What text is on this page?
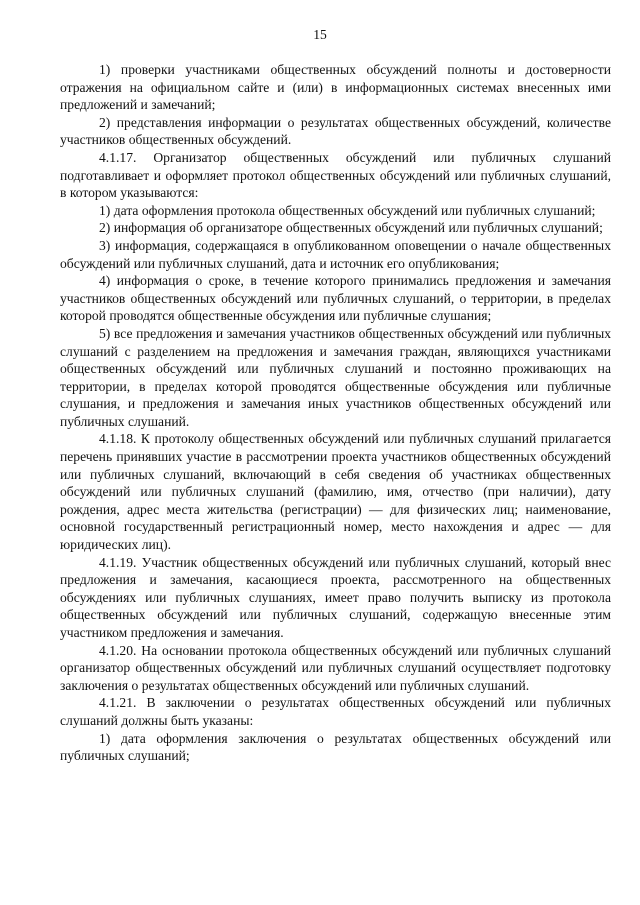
15

1) проверки участниками общественных обсуждений полноты и достоверности отражения на официальном сайте и (или) в информационных системах внесенных ими предложений и замечаний;

2) представления информации о результатах общественных обсуждений, количестве участников общественных обсуждений.

4.1.17. Организатор общественных обсуждений или публичных слушаний подготавливает и оформляет протокол общественных обсуждений или публичных слушаний, в котором указываются:

1) дата оформления протокола общественных обсуждений или публичных слушаний;

2) информация об организаторе общественных обсуждений или публичных слушаний;

3) информация, содержащаяся в опубликованном оповещении о начале общественных обсуждений или публичных слушаний, дата и источник его опубликования;

4) информация о сроке, в течение которого принимались предложения и замечания участников общественных обсуждений или публичных слушаний, о территории, в пределах которой проводятся общественные обсуждения или публичные слушания;

5) все предложения и замечания участников общественных обсуждений или публичных слушаний с разделением на предложения и замечания граждан, являющихся участниками общественных обсуждений или публичных слушаний и постоянно проживающих на территории, в пределах которой проводятся общественные обсуждения или публичные слушания, и предложения и замечания иных участников общественных обсуждений или публичных слушаний.

4.1.18. К протоколу общественных обсуждений или публичных слушаний прилагается перечень принявших участие в рассмотрении проекта участников общественных обсуждений или публичных слушаний, включающий в себя сведения об участниках общественных обсуждений или публичных слушаний (фамилию, имя, отчество (при наличии), дату рождения, адрес места жительства (регистрации) — для физических лиц; наименование, основной государственный регистрационный номер, место нахождения и адрес — для юридических лиц).

4.1.19. Участник общественных обсуждений или публичных слушаний, который внес предложения и замечания, касающиеся проекта, рассмотренного на общественных обсуждениях или публичных слушаниях, имеет право получить выписку из протокола общественных обсуждений или публичных слушаний, содержащую внесенные этим участником предложения и замечания.

4.1.20. На основании протокола общественных обсуждений или публичных слушаний организатор общественных обсуждений или публичных слушаний осуществляет подготовку заключения о результатах общественных обсуждений или публичных слушаний.

4.1.21. В заключении о результатах общественных обсуждений или публичных слушаний должны быть указаны:

1) дата оформления заключения о результатах общественных обсуждений или публичных слушаний;
